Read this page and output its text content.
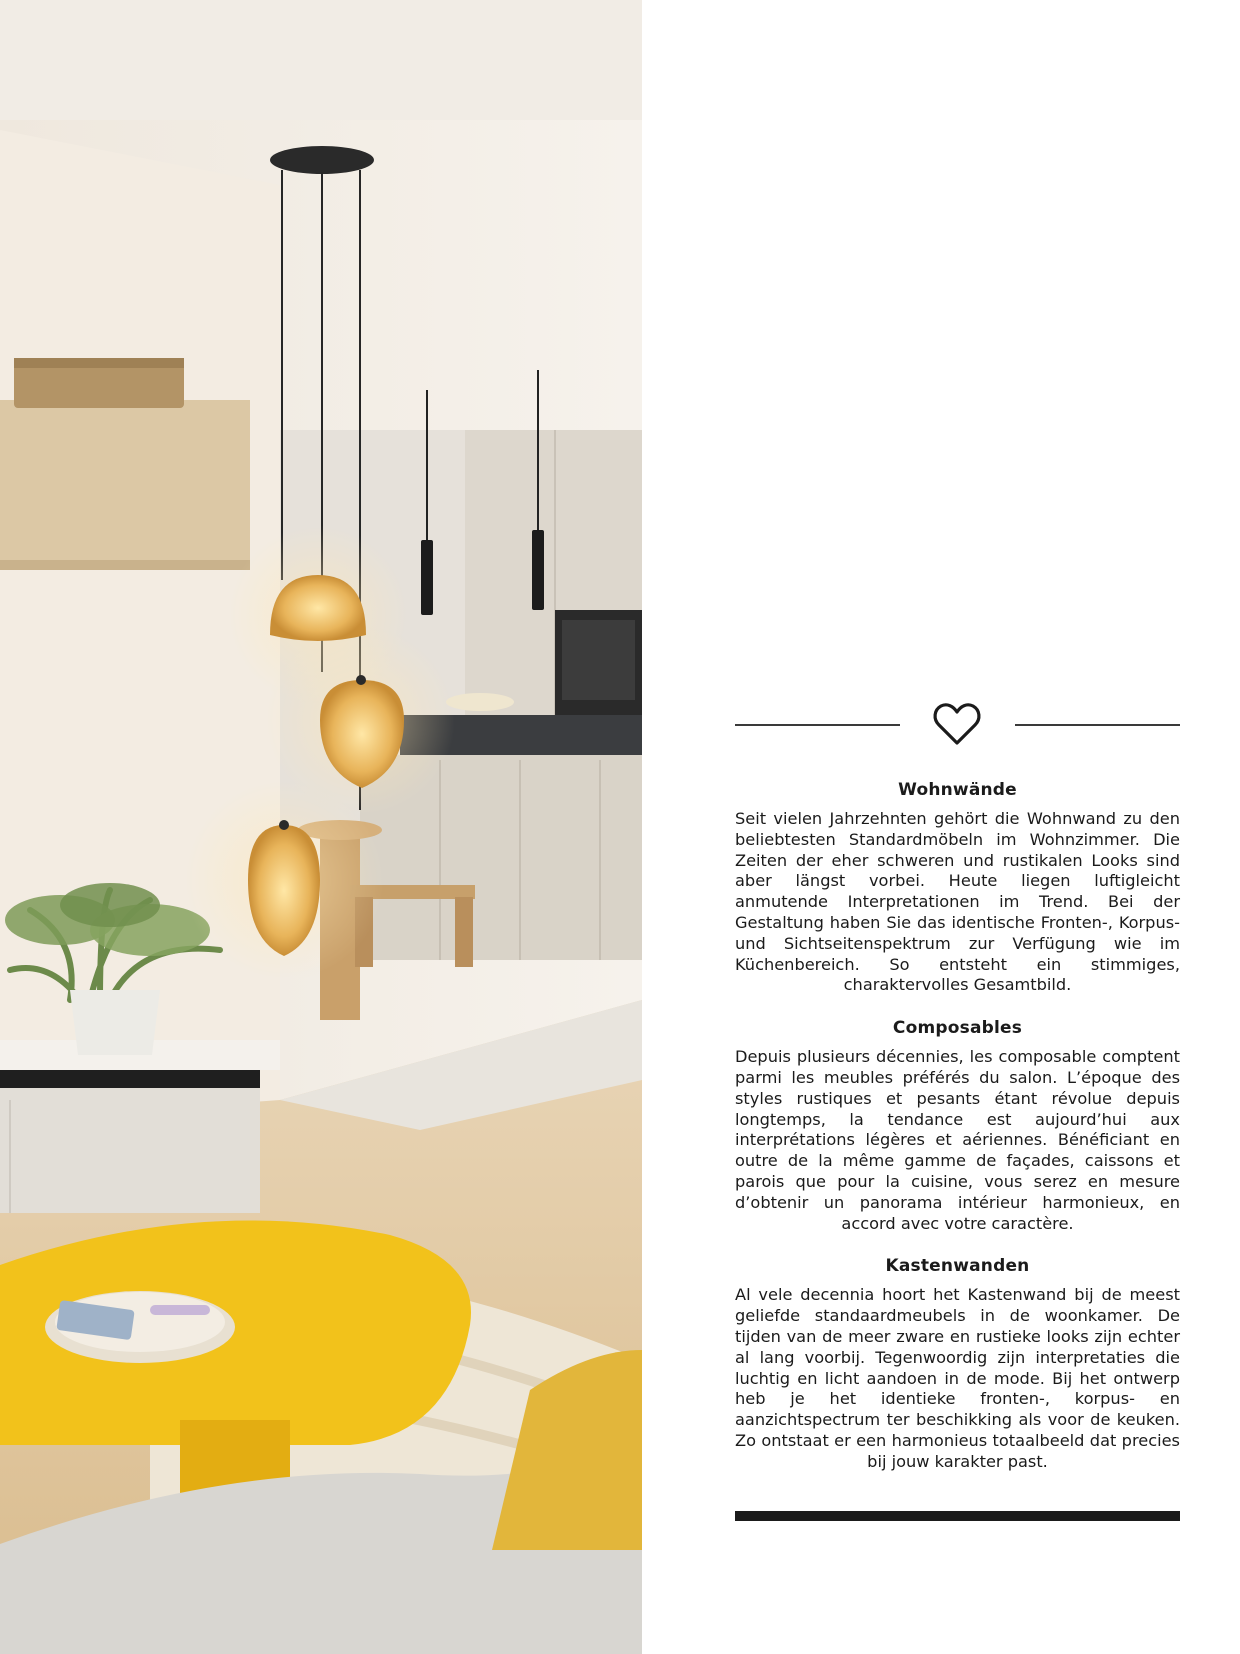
Wohnwände

Seit vielen Jahrzehnten gehört die Wohnwand zu den beliebtesten Standardmöbeln im Wohnzimmer. Die Zeiten der eher schweren und rustikalen Looks sind aber längst vorbei. Heute liegen luftigleicht anmutende Interpretationen im Trend. Bei der Gestaltung haben Sie das identische Fronten-, Korpus- und Sichtseitenspektrum zur Verfügung wie im Küchenbereich. So entsteht ein stimmiges, charaktervolles Gesamtbild.

Composables

Depuis plusieurs décennies, les composable comptent parmi les meubles préférés du salon. L’époque des styles rustiques et pesants étant révolue depuis longtemps, la tendance est aujourd’hui aux interprétations légères et aériennes. Bénéficiant en outre de la même gamme de façades, caissons et parois que pour la cuisine, vous serez en mesure d’obtenir un panorama intérieur harmonieux, en accord avec votre caractère.

Kastenwanden

Al vele decennia hoort het Kastenwand bij de meest geliefde standaardmeubels in de woonkamer. De tijden van de meer zware en rustieke looks zijn echter al lang voorbij. Tegenwoordig zijn interpretaties die luchtig en licht aandoen in de mode. Bij het ontwerp heb je het identieke fronten-, korpus- en aanzichtspectrum ter beschikking als voor de keuken. Zo ontstaat er een harmonieus totaalbeeld dat precies bij jouw karakter past.
